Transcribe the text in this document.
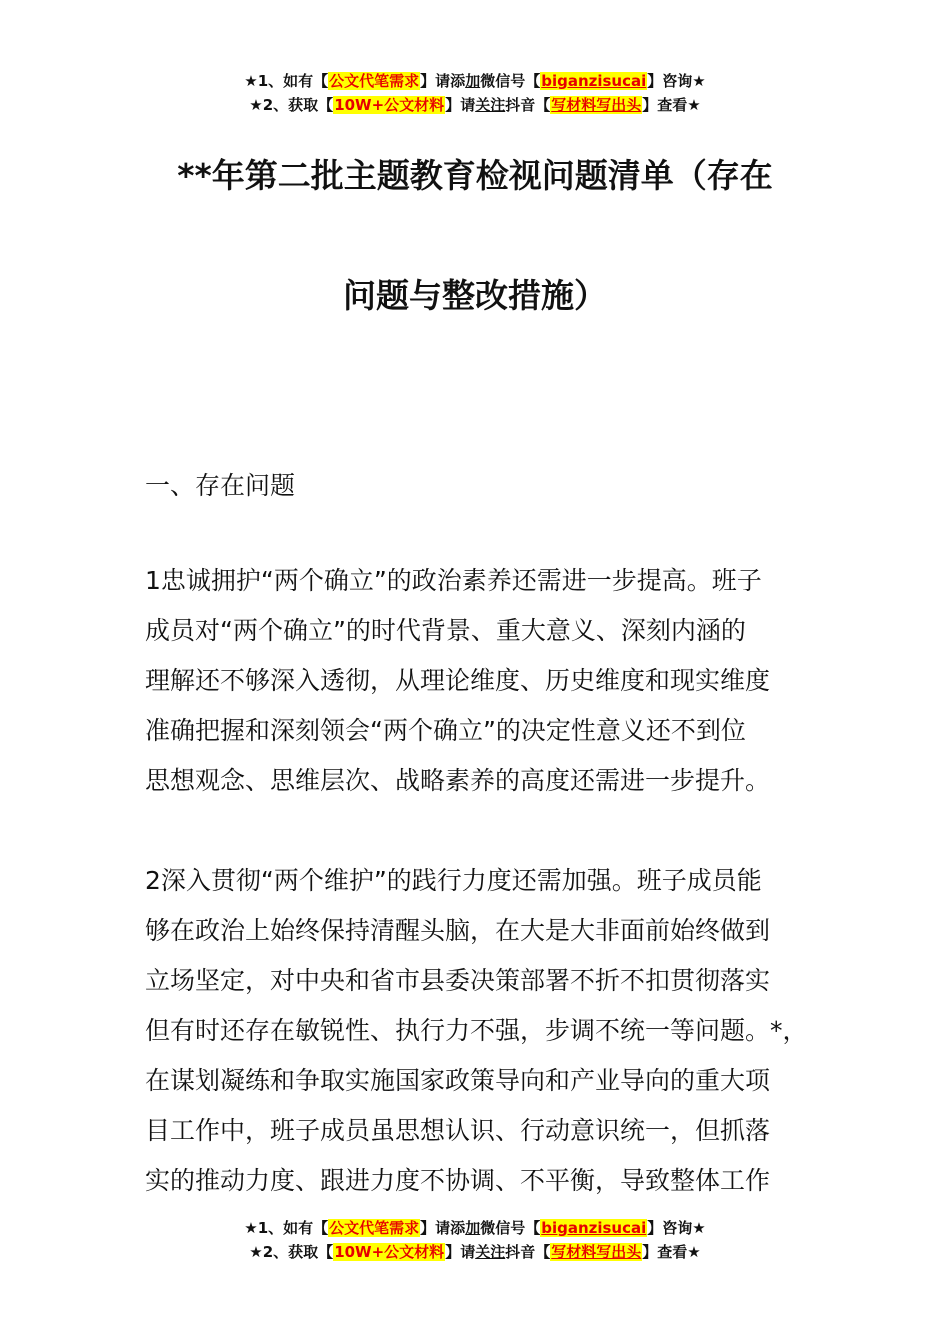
★1、如有【公文代笔需求】请添加微信号【biganzisucai】咨询★
★2、获取【10W+公文材料】请关注抖音【写材料写出头】查看★
**年第二批主题教育检视问题清单（存在
问题与整改措施）
一、存在问题
1忠诚拥护“两个确立”的政治素养还需进一步提高。班子
成员对“两个确立”的时代背景、重大意义、深刻内涵的
理解还不够深入透彻，从理论维度、历史维度和现实维度
准确把握和深刻领会“两个确立”的决定性意义还不到位
思想观念、思维层次、战略素养的高度还需进一步提升。
2深入贯彻“两个维护”的践行力度还需加强。班子成员能
够在政治上始终保持清醒头脑，在大是大非面前始终做到
立场坚定，对中央和省市县委决策部署不折不扣贯彻落实
但有时还存在敏锐性、执行力不强，步调不统一等问题。*，
在谋划凝练和争取实施国家政策导向和产业导向的重大项
目工作中，班子成员虽思想认识、行动意识统一，但抓落
实的推动力度、跟进力度不协调、不平衡，导致整体工作
★1、如有【公文代笔需求】请添加微信号【biganzisucai】咨询★
★2、获取【10W+公文材料】请关注抖音【写材料写出头】查看★
